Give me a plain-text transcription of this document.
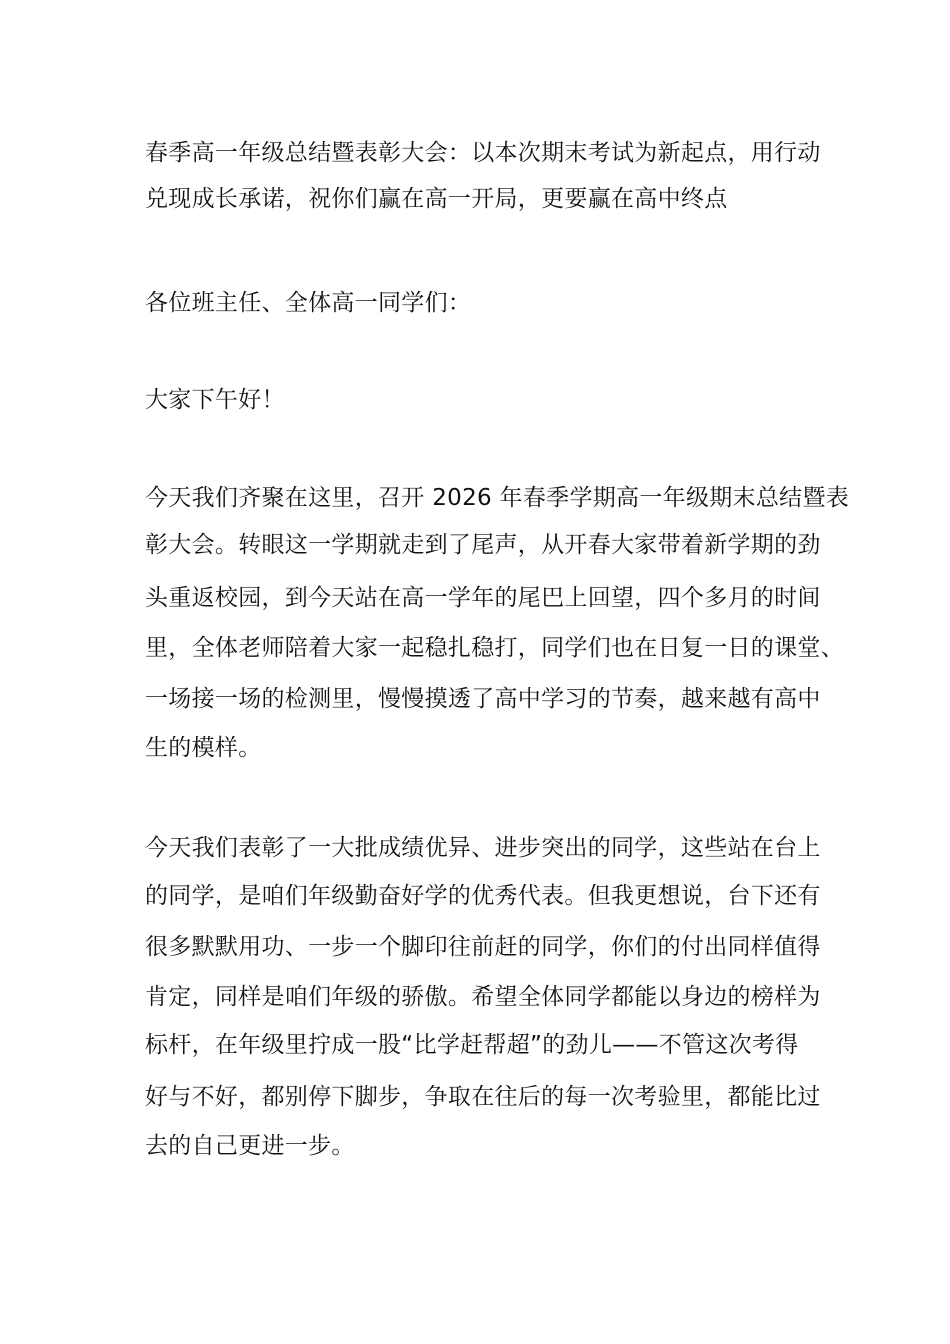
春季高一年级总结暨表彰大会：以本次期末考试为新起点，用行动
兑现成长承诺，祝你们赢在高一开局，更要赢在高中终点
各位班主任、全体高一同学们：
大家下午好！
今天我们齐聚在这里，召开 2026 年春季学期高一年级期末总结暨表
彰大会。转眼这一学期就走到了尾声，从开春大家带着新学期的劲
头重返校园，到今天站在高一学年的尾巴上回望，四个多月的时间
里，全体老师陪着大家一起稳扎稳打，同学们也在日复一日的课堂、
一场接一场的检测里，慢慢摸透了高中学习的节奏，越来越有高中
生的模样。
今天我们表彰了一大批成绩优异、进步突出的同学，这些站在台上
的同学，是咱们年级勤奋好学的优秀代表。但我更想说，台下还有
很多默默用功、一步一个脚印往前赶的同学，你们的付出同样值得
肯定，同样是咱们年级的骄傲。希望全体同学都能以身边的榜样为
标杆，在年级里拧成一股“比学赶帮超”的劲儿——不管这次考得
好与不好，都别停下脚步，争取在往后的每一次考验里，都能比过
去的自己更进一步。
